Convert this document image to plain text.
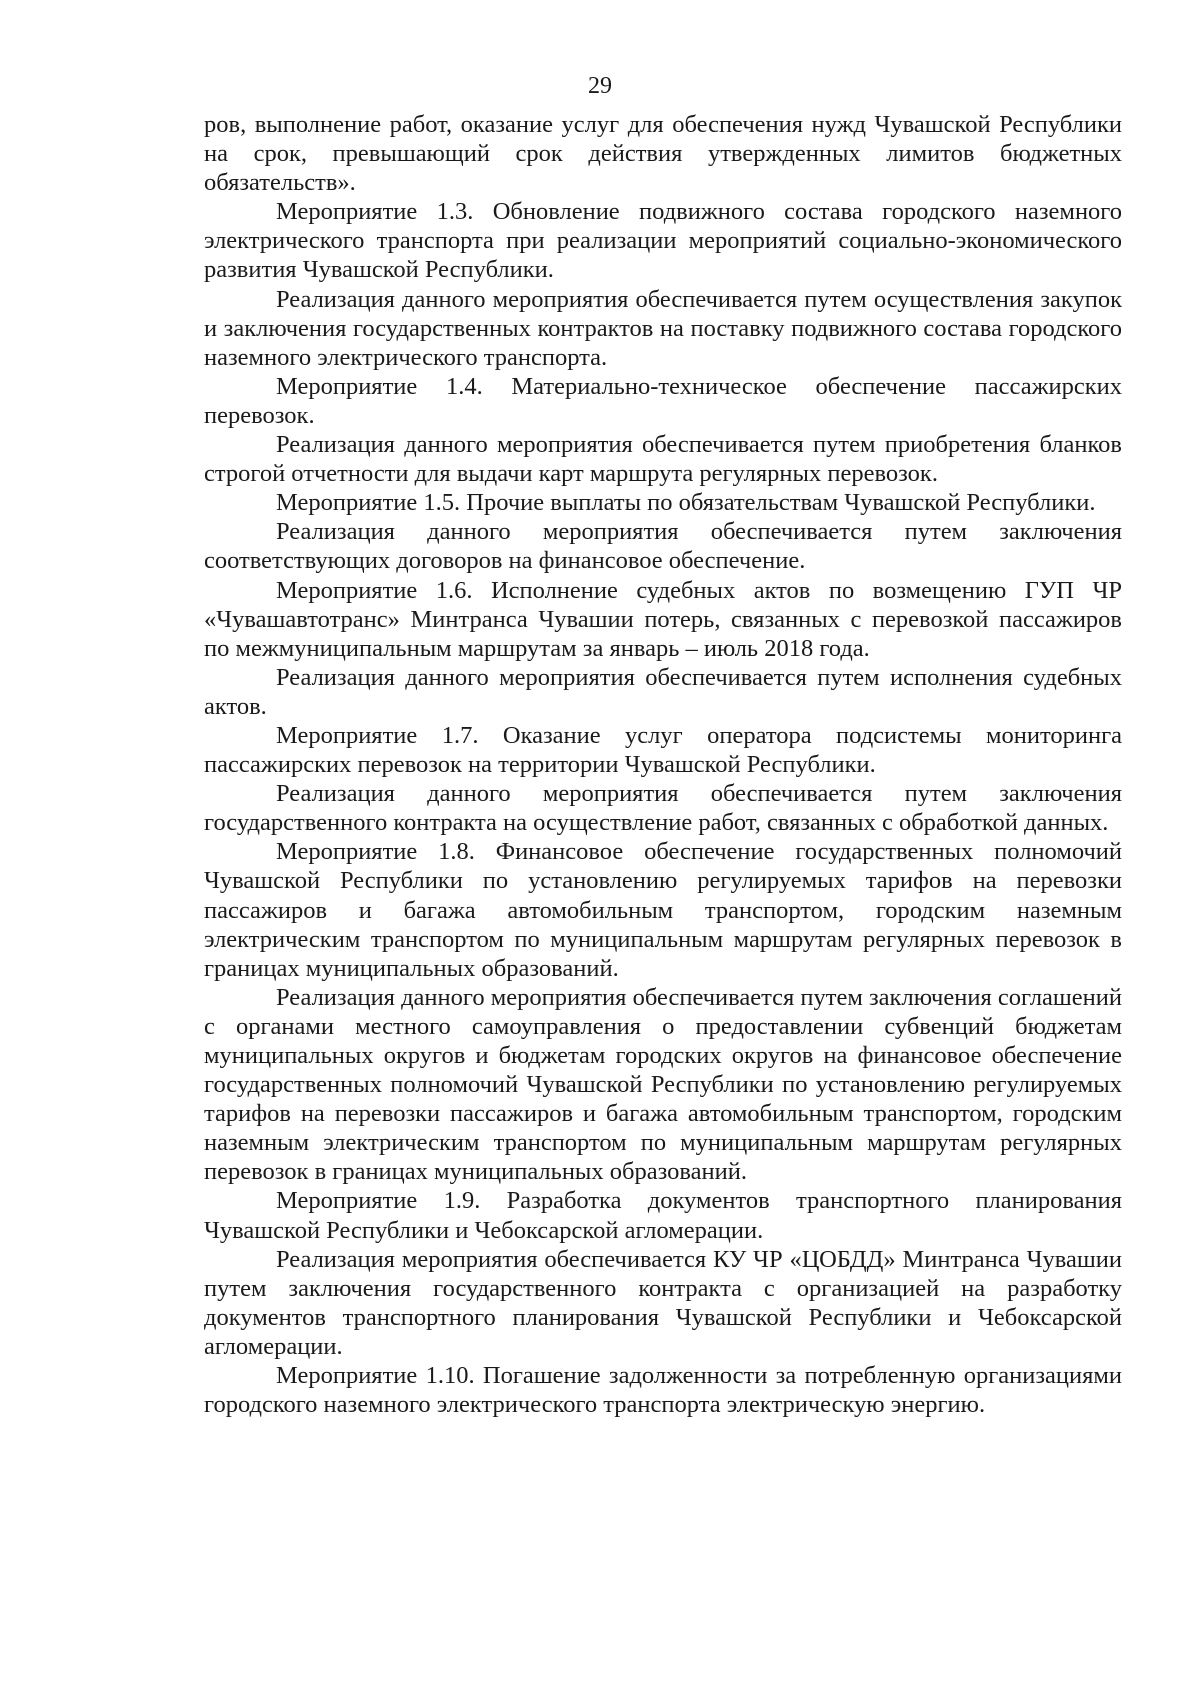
29

ров, выполнение работ, оказание услуг для обеспечения нужд Чувашской Республики на срок, превышающий срок действия утвержденных лимитов бюджетных обязательств».

Мероприятие 1.3. Обновление подвижного состава городского наземного электрического транспорта при реализации мероприятий социально-экономического развития Чувашской Республики.

Реализация данного мероприятия обеспечивается путем осуществления закупок и заключения государственных контрактов на поставку подвижного состава городского наземного электрического транспорта.

Мероприятие 1.4. Материально-техническое обеспечение пассажирских перевозок.

Реализация данного мероприятия обеспечивается путем приобретения бланков строгой отчетности для выдачи карт маршрута регулярных перевозок.

Мероприятие 1.5. Прочие выплаты по обязательствам Чувашской Республики.

Реализация данного мероприятия обеспечивается путем заключения соответствующих договоров на финансовое обеспечение.

Мероприятие 1.6. Исполнение судебных актов по возмещению ГУП ЧР «Чувашавтотранс» Минтранса Чувашии потерь, связанных с перевозкой пассажиров по межмуниципальным маршрутам за январь – июль 2018 года.

Реализация данного мероприятия обеспечивается путем исполнения судебных актов.

Мероприятие 1.7. Оказание услуг оператора подсистемы мониторинга пассажирских перевозок на территории Чувашской Республики.

Реализация данного мероприятия обеспечивается путем заключения государственного контракта на осуществление работ, связанных с обработкой данных.

Мероприятие 1.8. Финансовое обеспечение государственных полномочий Чувашской Республики по установлению регулируемых тарифов на перевозки пассажиров и багажа автомобильным транспортом, городским наземным электрическим транспортом по муниципальным маршрутам регулярных перевозок в границах муниципальных образований.

Реализация данного мероприятия обеспечивается путем заключения соглашений с органами местного самоуправления о предоставлении субвенций бюджетам муниципальных округов и бюджетам городских округов на финансовое обеспечение государственных полномочий Чувашской Республики по установлению регулируемых тарифов на перевозки пассажиров и багажа автомобильным транспортом, городским наземным электрическим транспортом по муниципальным маршрутам регулярных перевозок в границах муниципальных образований.

Мероприятие 1.9. Разработка документов транспортного планирования Чувашской Республики и Чебоксарской агломерации.

Реализация мероприятия обеспечивается КУ ЧР «ЦОБДД» Минтранса Чувашии путем заключения государственного контракта с организацией на разработку документов транспортного планирования Чувашской Республики и Чебоксарской агломерации.

Мероприятие 1.10. Погашение задолженности за потребленную организациями городского наземного электрического транспорта электрическую энергию.
